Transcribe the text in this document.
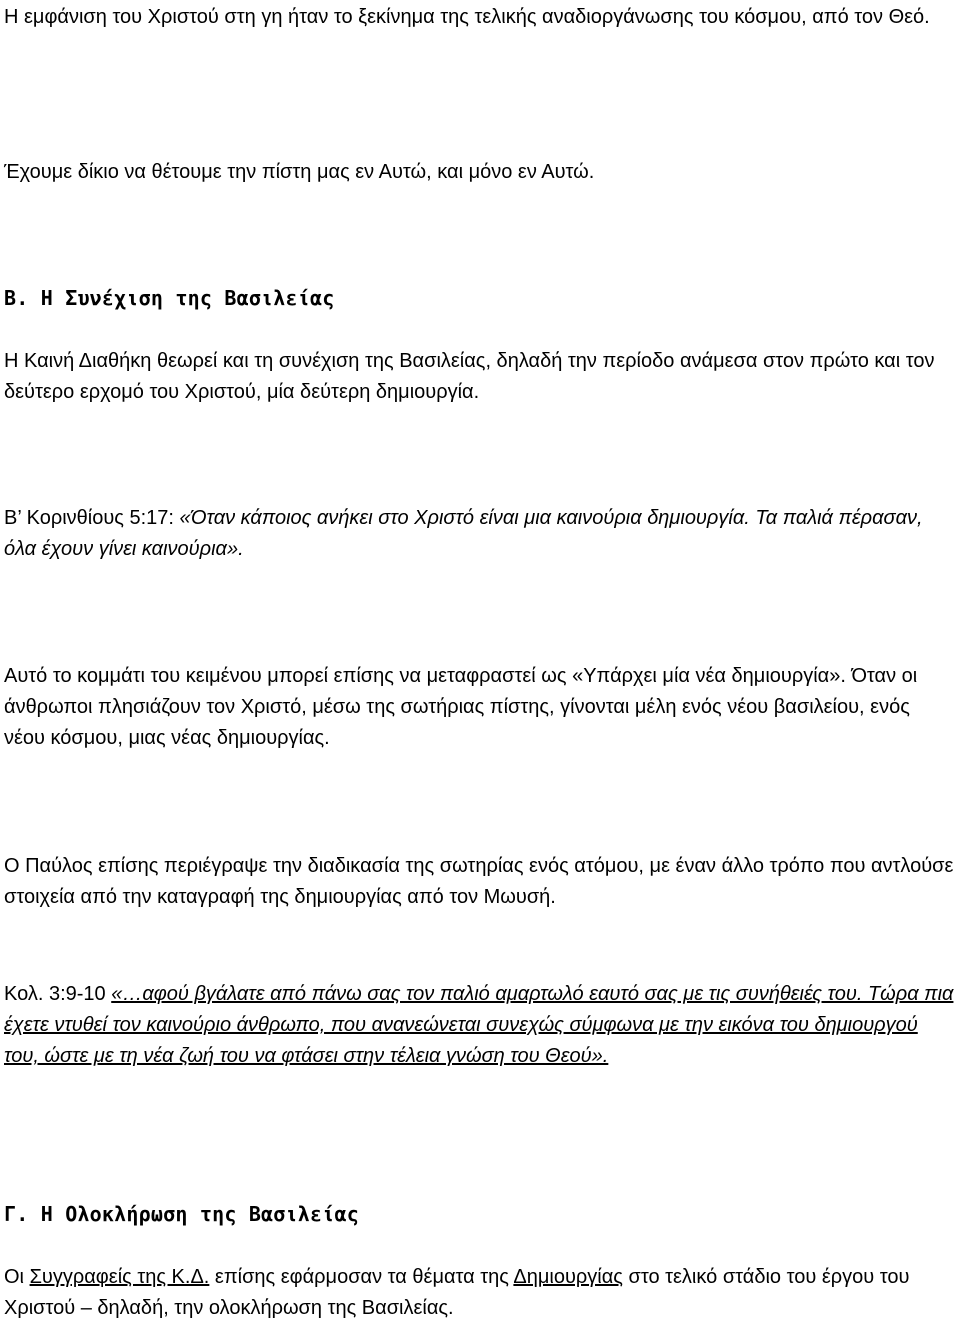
Η εμφάνιση του Χριστού στη γη ήταν το ξεκίνημα της τελικής αναδιοργάνωσης του κόσμου, από τον Θεό.

Έχουμε δίκιο να θέτουμε την πίστη μας εν Αυτώ, και μόνο εν Αυτώ.

Β. Η Συνέχιση της Βασιλείας

Η Καινή Διαθήκη θεωρεί και τη συνέχιση της Βασιλείας, δηλαδή την περίοδο ανάμεσα στον πρώτο και τον δεύτερο ερχομό του Χριστού, μία δεύτερη δημιουργία.

Β’ Κορινθίους 5:17: «Όταν κάποιος ανήκει στο Χριστό είναι μια καινούρια δημιουργία. Τα παλιά πέρασαν, όλα έχουν γίνει καινούρια».

Αυτό το κομμάτι του κειμένου μπορεί επίσης να μεταφραστεί ως «Υπάρχει μία νέα δημιουργία». Όταν οι άνθρωποι πλησιάζουν τον Χριστό, μέσω της σωτήριας πίστης, γίνονται μέλη ενός νέου βασιλείου, ενός νέου κόσμου, μιας νέας δημιουργίας.

Ο Παύλος επίσης περιέγραψε την διαδικασία της σωτηρίας ενός ατόμου, με έναν άλλο τρόπο που αντλούσε στοιχεία από την καταγραφή της δημιουργίας από τον Μωυσή.

Κολ. 3:9-10 «…αφού βγάλατε από πάνω σας τον παλιό αμαρτωλό εαυτό σας με τις συνήθειές του. Τώρα πια έχετε ντυθεί τον καινούριο άνθρωπο, που ανανεώνεται συνεχώς σύμφωνα με την εικόνα του δημιουργού του, ώστε με τη νέα ζωή του να φτάσει στην τέλεια γνώση του Θεού».

Γ. Η Ολοκλήρωση της Βασιλείας

Οι Συγγραφείς της Κ.Δ. επίσης εφάρμοσαν τα θέματα της Δημιουργίας στο τελικό στάδιο του έργου του Χριστού – δηλαδή, την ολοκλήρωση της Βασιλείας.
